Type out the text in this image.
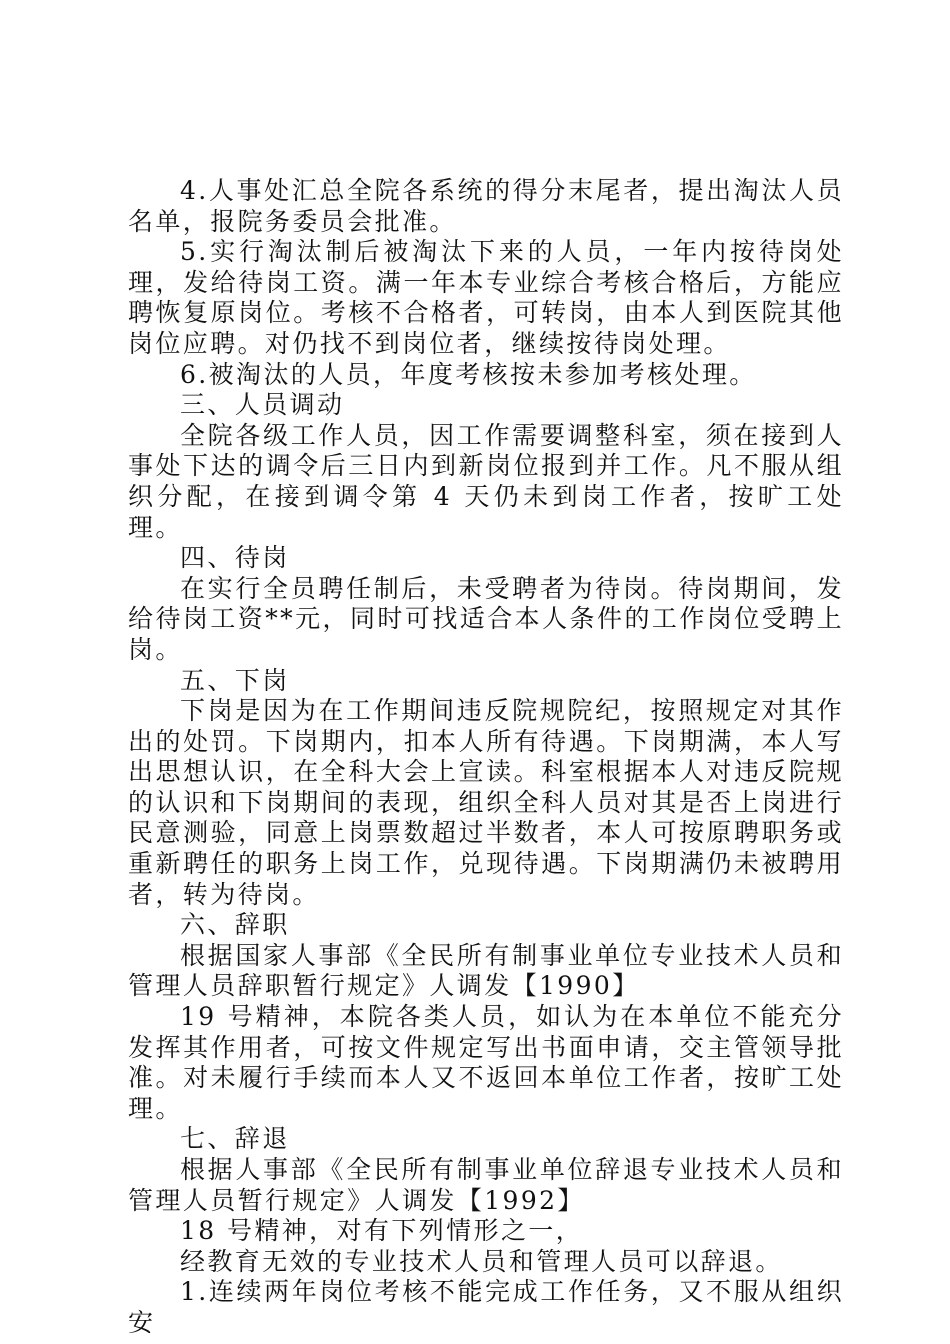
4.人事处汇总全院各系统的得分末尾者，提出淘汰人员名单，报院务委员会批准。

5.实行淘汰制后被淘汰下来的人员，一年内按待岗处理，发给待岗工资。满一年本专业综合考核合格后，方能应聘恢复原岗位。考核不合格者，可转岗，由本人到医院其他岗位应聘。对仍找不到岗位者，继续按待岗处理。

6.被淘汰的人员，年度考核按未参加考核处理。

三、人员调动

全院各级工作人员，因工作需要调整科室，须在接到人事处下达的调令后三日内到新岗位报到并工作。凡不服从组织分配，在接到调令第 4 天仍未到岗工作者，按旷工处理。

四、待岗

在实行全员聘任制后，未受聘者为待岗。待岗期间，发给待岗工资**元，同时可找适合本人条件的工作岗位受聘上岗。

五、下岗

下岗是因为在工作期间违反院规院纪，按照规定对其作出的处罚。下岗期内，扣本人所有待遇。下岗期满，本人写出思想认识，在全科大会上宣读。科室根据本人对违反院规的认识和下岗期间的表现，组织全科人员对其是否上岗进行民意测验，同意上岗票数超过半数者，本人可按原聘职务或重新聘任的职务上岗工作，兑现待遇。下岗期满仍未被聘用者，转为待岗。

六、辞职

根据国家人事部《全民所有制事业单位专业技术人员和管理人员辞职暂行规定》人调发【1990】

19 号精神，本院各类人员，如认为在本单位不能充分发挥其作用者，可按文件规定写出书面申请，交主管领导批准。对未履行手续而本人又不返回本单位工作者，按旷工处理。

七、辞退

根据人事部《全民所有制事业单位辞退专业技术人员和管理人员暂行规定》人调发【1992】

18 号精神，对有下列情形之一，

经教育无效的专业技术人员和管理人员可以辞退。

1.连续两年岗位考核不能完成工作任务，又不服从组织安
